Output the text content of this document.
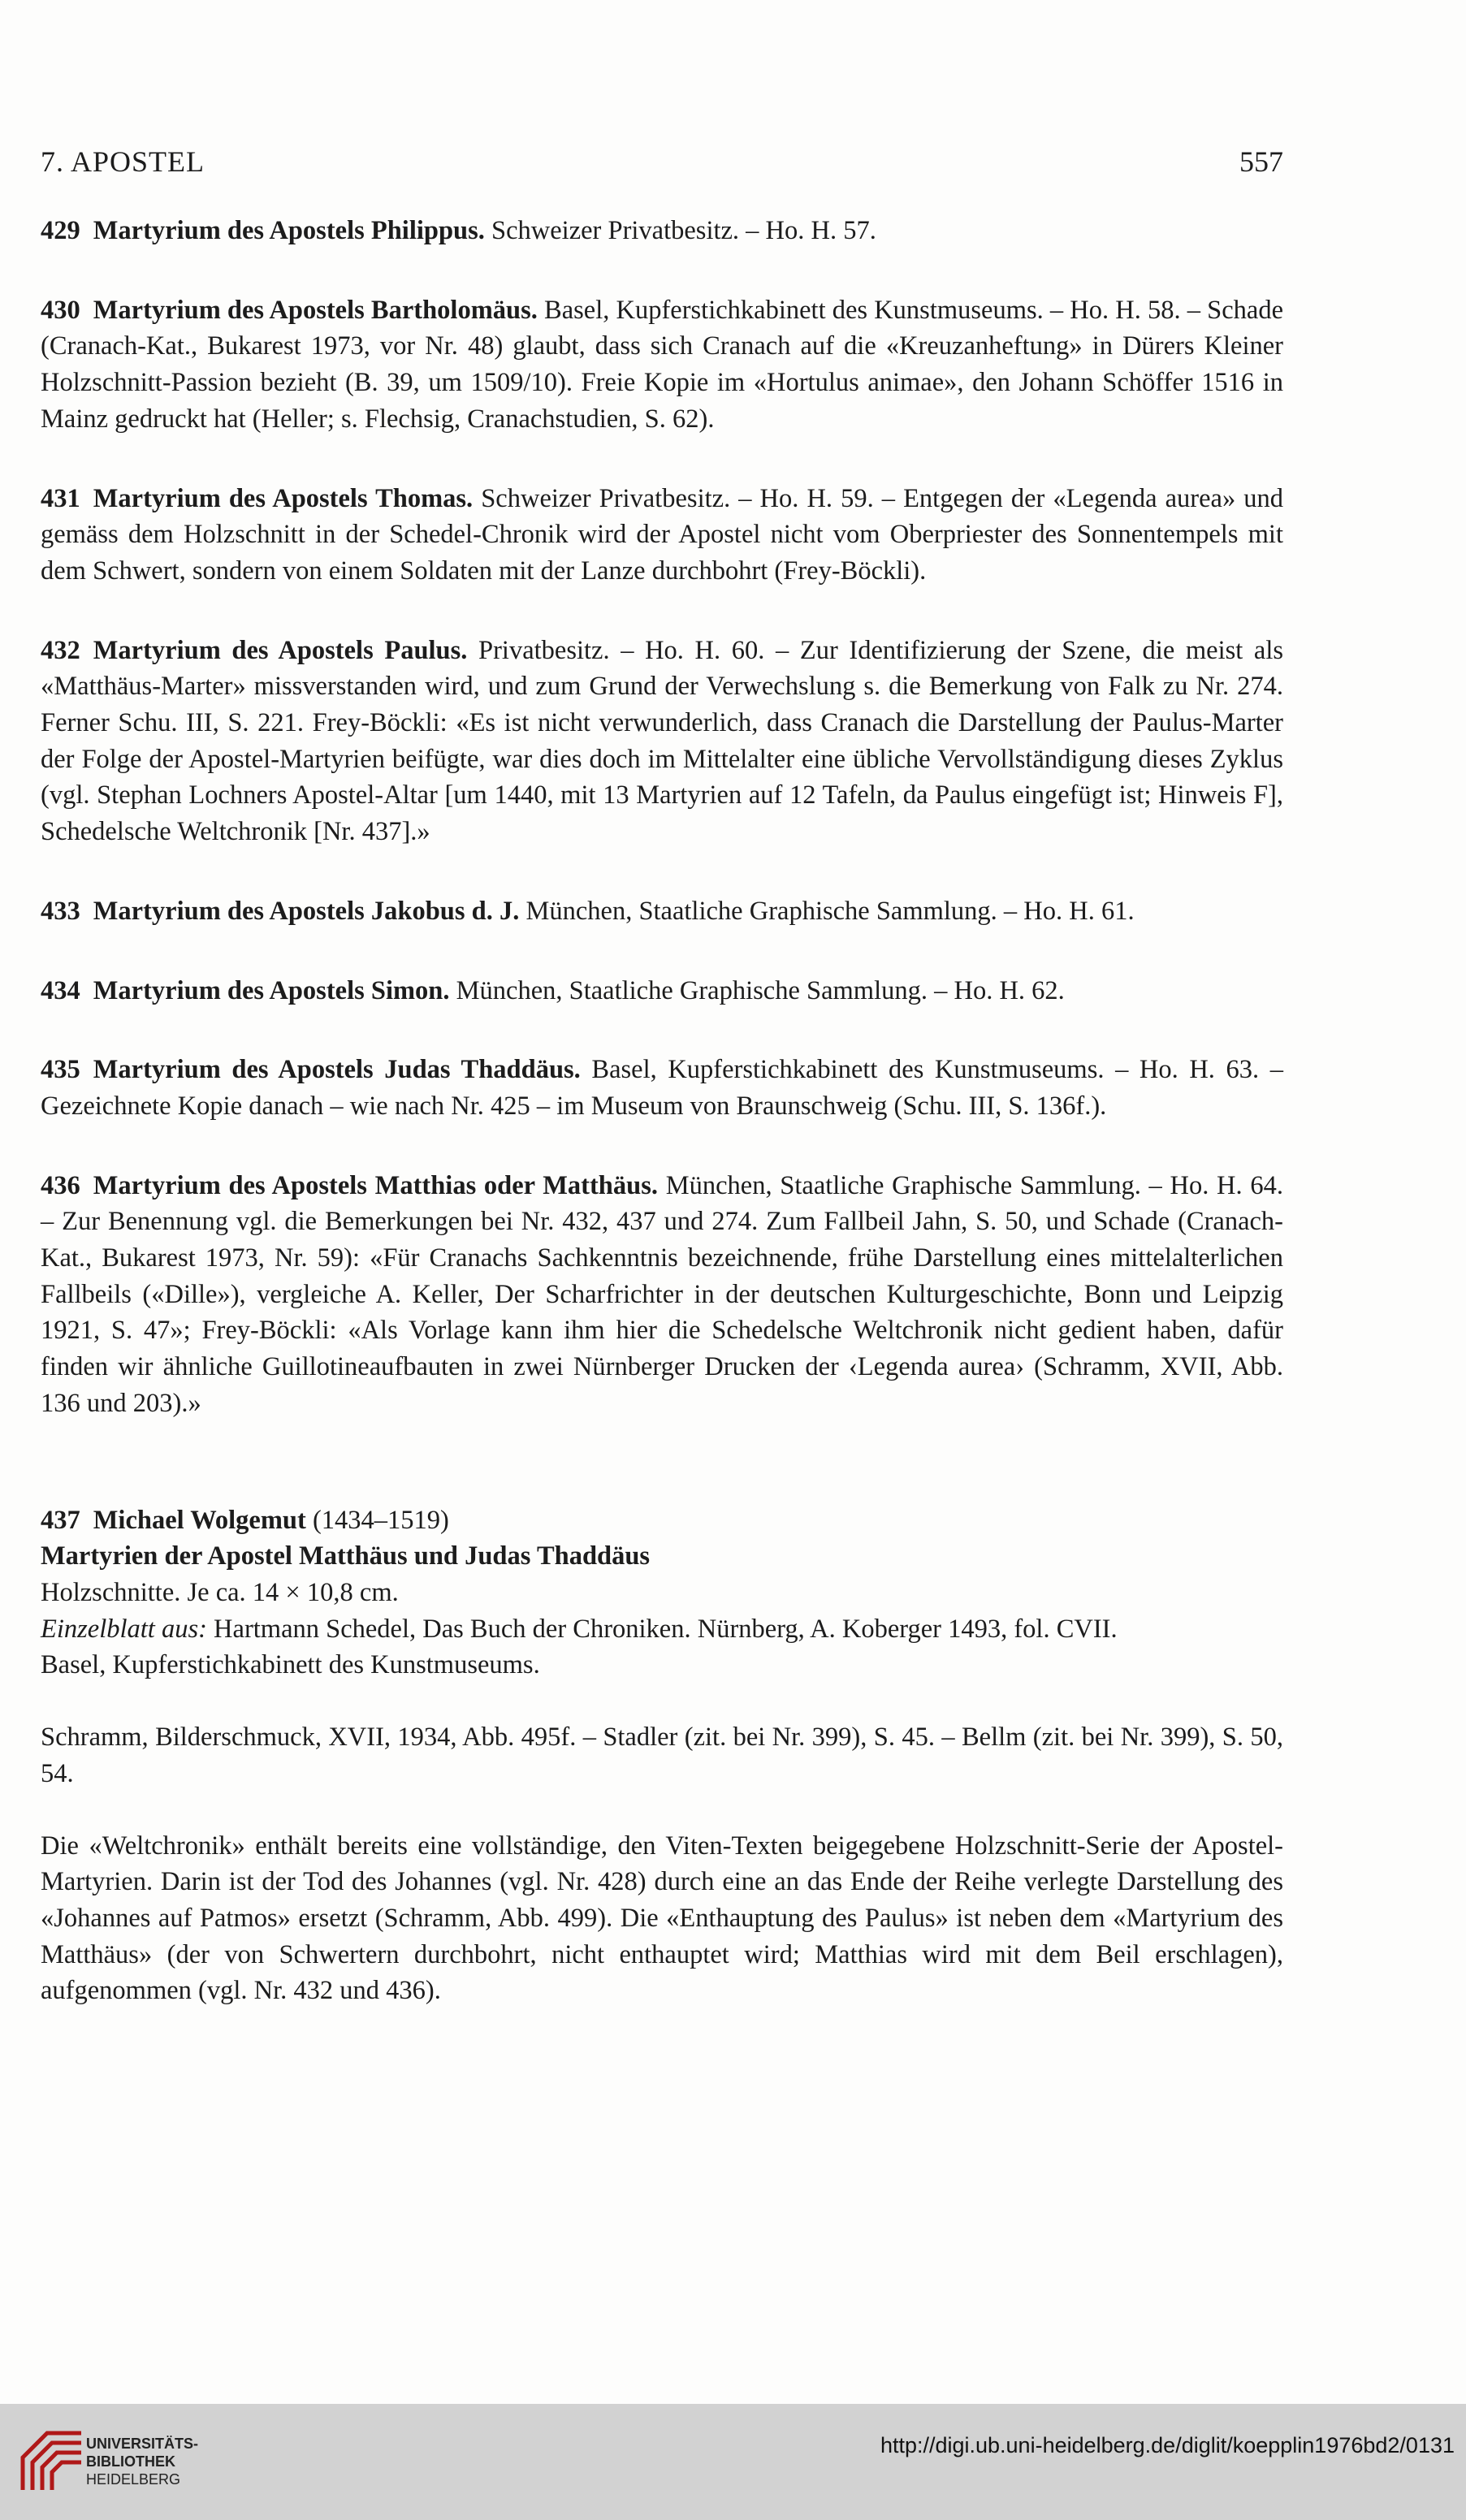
7. APOSTEL	557

429 Martyrium des Apostels Philippus. Schweizer Privatbesitz. – Ho. H. 57.

430 Martyrium des Apostels Bartholomäus. Basel, Kupferstichkabinett des Kunstmuseums. – Ho. H. 58. – Schade (Cranach-Kat., Bukarest 1973, vor Nr. 48) glaubt, dass sich Cranach auf die «Kreuzanheftung» in Dürers Kleiner Holzschnitt-Passion bezieht (B. 39, um 1509/10). Freie Kopie im «Hortulus animae», den Johann Schöffer 1516 in Mainz gedruckt hat (Heller; s. Flechsig, Cranachstudien, S. 62).

431 Martyrium des Apostels Thomas. Schweizer Privatbesitz. – Ho. H. 59. – Entgegen der «Legenda aurea» und gemäss dem Holzschnitt in der Schedel-Chronik wird der Apostel nicht vom Oberpriester des Sonnentempels mit dem Schwert, sondern von einem Soldaten mit der Lanze durchbohrt (Frey-Böckli).

432 Martyrium des Apostels Paulus. Privatbesitz. – Ho. H. 60. – Zur Identifizierung der Szene, die meist als «Matthäus-Marter» missverstanden wird, und zum Grund der Verwechslung s. die Bemerkung von Falk zu Nr. 274. Ferner Schu. III, S. 221. Frey-Böckli: «Es ist nicht verwunderlich, dass Cranach die Darstellung der Paulus-Marter der Folge der Apostel-Martyrien beifügte, war dies doch im Mittelalter eine übliche Vervollständigung dieses Zyklus (vgl. Stephan Lochners Apostel-Altar [um 1440, mit 13 Martyrien auf 12 Tafeln, da Paulus eingefügt ist; Hinweis F], Schedelsche Weltchronik [Nr. 437].»

433 Martyrium des Apostels Jakobus d. J. München, Staatliche Graphische Sammlung. – Ho. H. 61.

434 Martyrium des Apostels Simon. München, Staatliche Graphische Sammlung. – Ho. H. 62.

435 Martyrium des Apostels Judas Thaddäus. Basel, Kupferstichkabinett des Kunstmuseums. – Ho. H. 63. – Gezeichnete Kopie danach – wie nach Nr. 425 – im Museum von Braunschweig (Schu. III, S. 136f.).

436 Martyrium des Apostels Matthias oder Matthäus. München, Staatliche Graphische Sammlung. – Ho. H. 64. – Zur Benennung vgl. die Bemerkungen bei Nr. 432, 437 und 274. Zum Fallbeil Jahn, S. 50, und Schade (Cranach-Kat., Bukarest 1973, Nr. 59): «Für Cranachs Sachkenntnis bezeichnende, frühe Darstellung eines mittelalterlichen Fallbeils («Dille»), vergleiche A. Keller, Der Scharfrichter in der deutschen Kulturgeschichte, Bonn und Leipzig 1921, S. 47»; Frey-Böckli: «Als Vorlage kann ihm hier die Schedelsche Weltchronik nicht gedient haben, dafür finden wir ähnliche Guillotineaufbauten in zwei Nürnberger Drucken der ‹Legenda aurea› (Schramm, XVII, Abb. 136 und 203).»

437 Michael Wolgemut (1434–1519)

Martyrien der Apostel Matthäus und Judas Thaddäus

Holzschnitte. Je ca. 14 × 10,8 cm.

Einzelblatt aus: Hartmann Schedel, Das Buch der Chroniken. Nürnberg, A. Koberger 1493, fol. CVII.

Basel, Kupferstichkabinett des Kunstmuseums.

Schramm, Bilderschmuck, XVII, 1934, Abb. 495f. – Stadler (zit. bei Nr. 399), S. 45. – Bellm (zit. bei Nr. 399), S. 50, 54.

Die «Weltchronik» enthält bereits eine vollständige, den Viten-Texten beigegebene Holzschnitt-Serie der Apostel-Martyrien. Darin ist der Tod des Johannes (vgl. Nr. 428) durch eine an das Ende der Reihe verlegte Darstellung des «Johannes auf Patmos» ersetzt (Schramm, Abb. 499). Die «Enthauptung des Paulus» ist neben dem «Martyrium des Matthäus» (der von Schwertern durchbohrt, nicht enthauptet wird; Matthias wird mit dem Beil erschlagen), aufgenommen (vgl. Nr. 432 und 436).

UNIVERSITÄTS-
BIBLIOTHEK
HEIDELBERG
http://digi.ub.uni-heidelberg.de/diglit/koepplin1976bd2/0131
